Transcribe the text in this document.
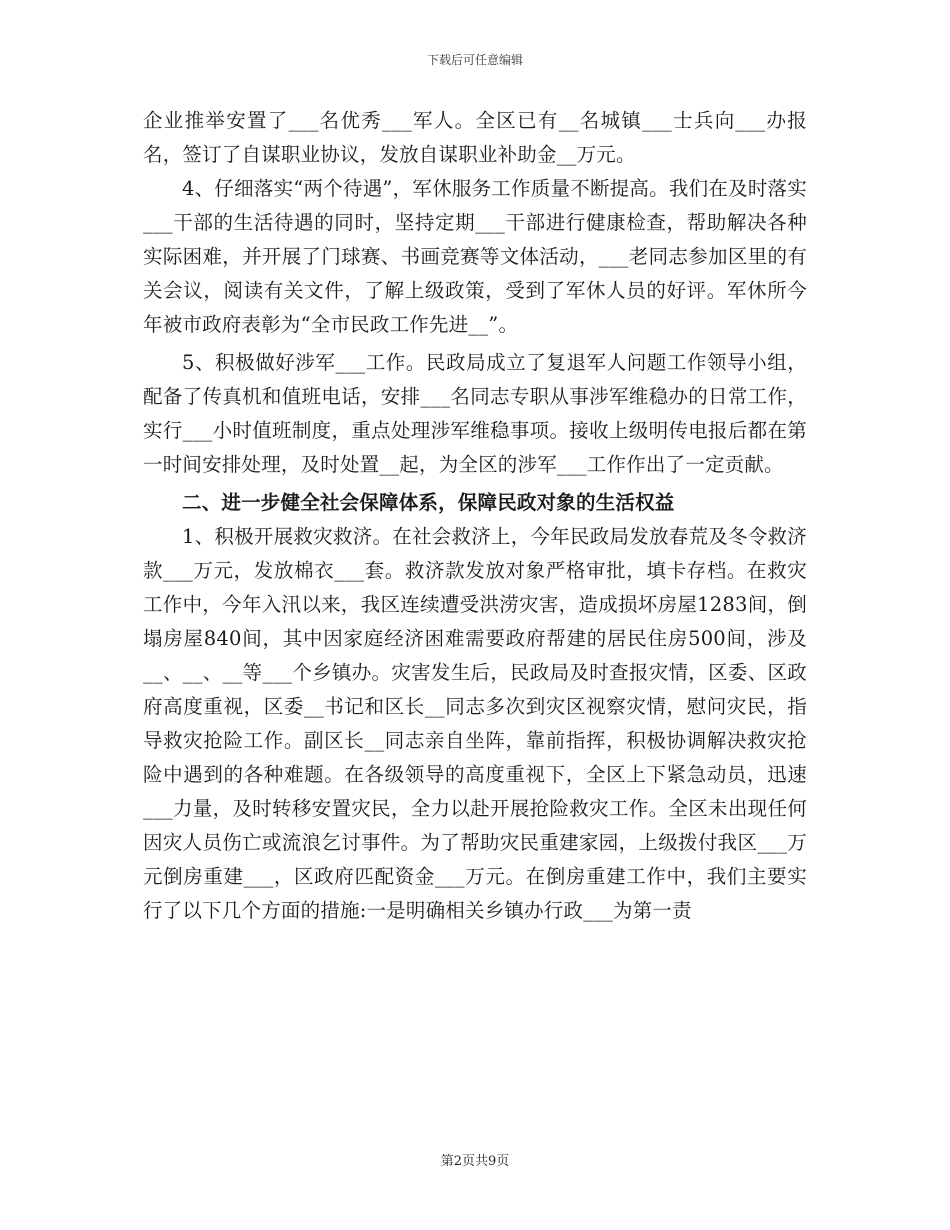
下载后可任意编辑

企业推举安置了___名优秀___军人。全区已有__名城镇___士兵向___办报名，签订了自谋职业协议，发放自谋职业补助金__万元。

4、仔细落实“两个待遇”，军休服务工作质量不断提高。我们在及时落实___干部的生活待遇的同时，坚持定期___干部进行健康检查，帮助解决各种实际困难，并开展了门球赛、书画竞赛等文体活动，___老同志参加区里的有关会议，阅读有关文件，了解上级政策，受到了军休人员的好评。军休所今年被市政府表彰为“全市民政工作先进__”。

5、积极做好涉军___工作。民政局成立了复退军人问题工作领导小组，配备了传真机和值班电话，安排___名同志专职从事涉军维稳办的日常工作，实行___小时值班制度，重点处理涉军维稳事项。接收上级明传电报后都在第一时间安排处理，及时处置__起，为全区的涉军___工作作出了一定贡献。

二、进一步健全社会保障体系，保障民政对象的生活权益

1、积极开展救灾救济。在社会救济上，今年民政局发放春荒及冬令救济款___万元，发放棉衣___套。救济款发放对象严格审批，填卡存档。在救灾工作中，今年入汛以来，我区连续遭受洪涝灾害，造成损坏房屋1283间，倒塌房屋840间，其中因家庭经济困难需要政府帮建的居民住房500间，涉及__、__、__等___个乡镇办。灾害发生后，民政局及时查报灾情，区委、区政府高度重视，区委__书记和区长__同志多次到灾区视察灾情，慰问灾民，指导救灾抢险工作。副区长__同志亲自坐阵，靠前指挥，积极协调解决救灾抢险中遇到的各种难题。在各级领导的高度重视下，全区上下紧急动员，迅速___力量，及时转移安置灾民，全力以赴开展抢险救灾工作。全区未出现任何因灾人员伤亡或流浪乞讨事件。为了帮助灾民重建家园，上级拨付我区___万元倒房重建___，区政府匹配资金___万元。在倒房重建工作中，我们主要实行了以下几个方面的措施:一是明确相关乡镇办行政___为第一责

第2页共9页
